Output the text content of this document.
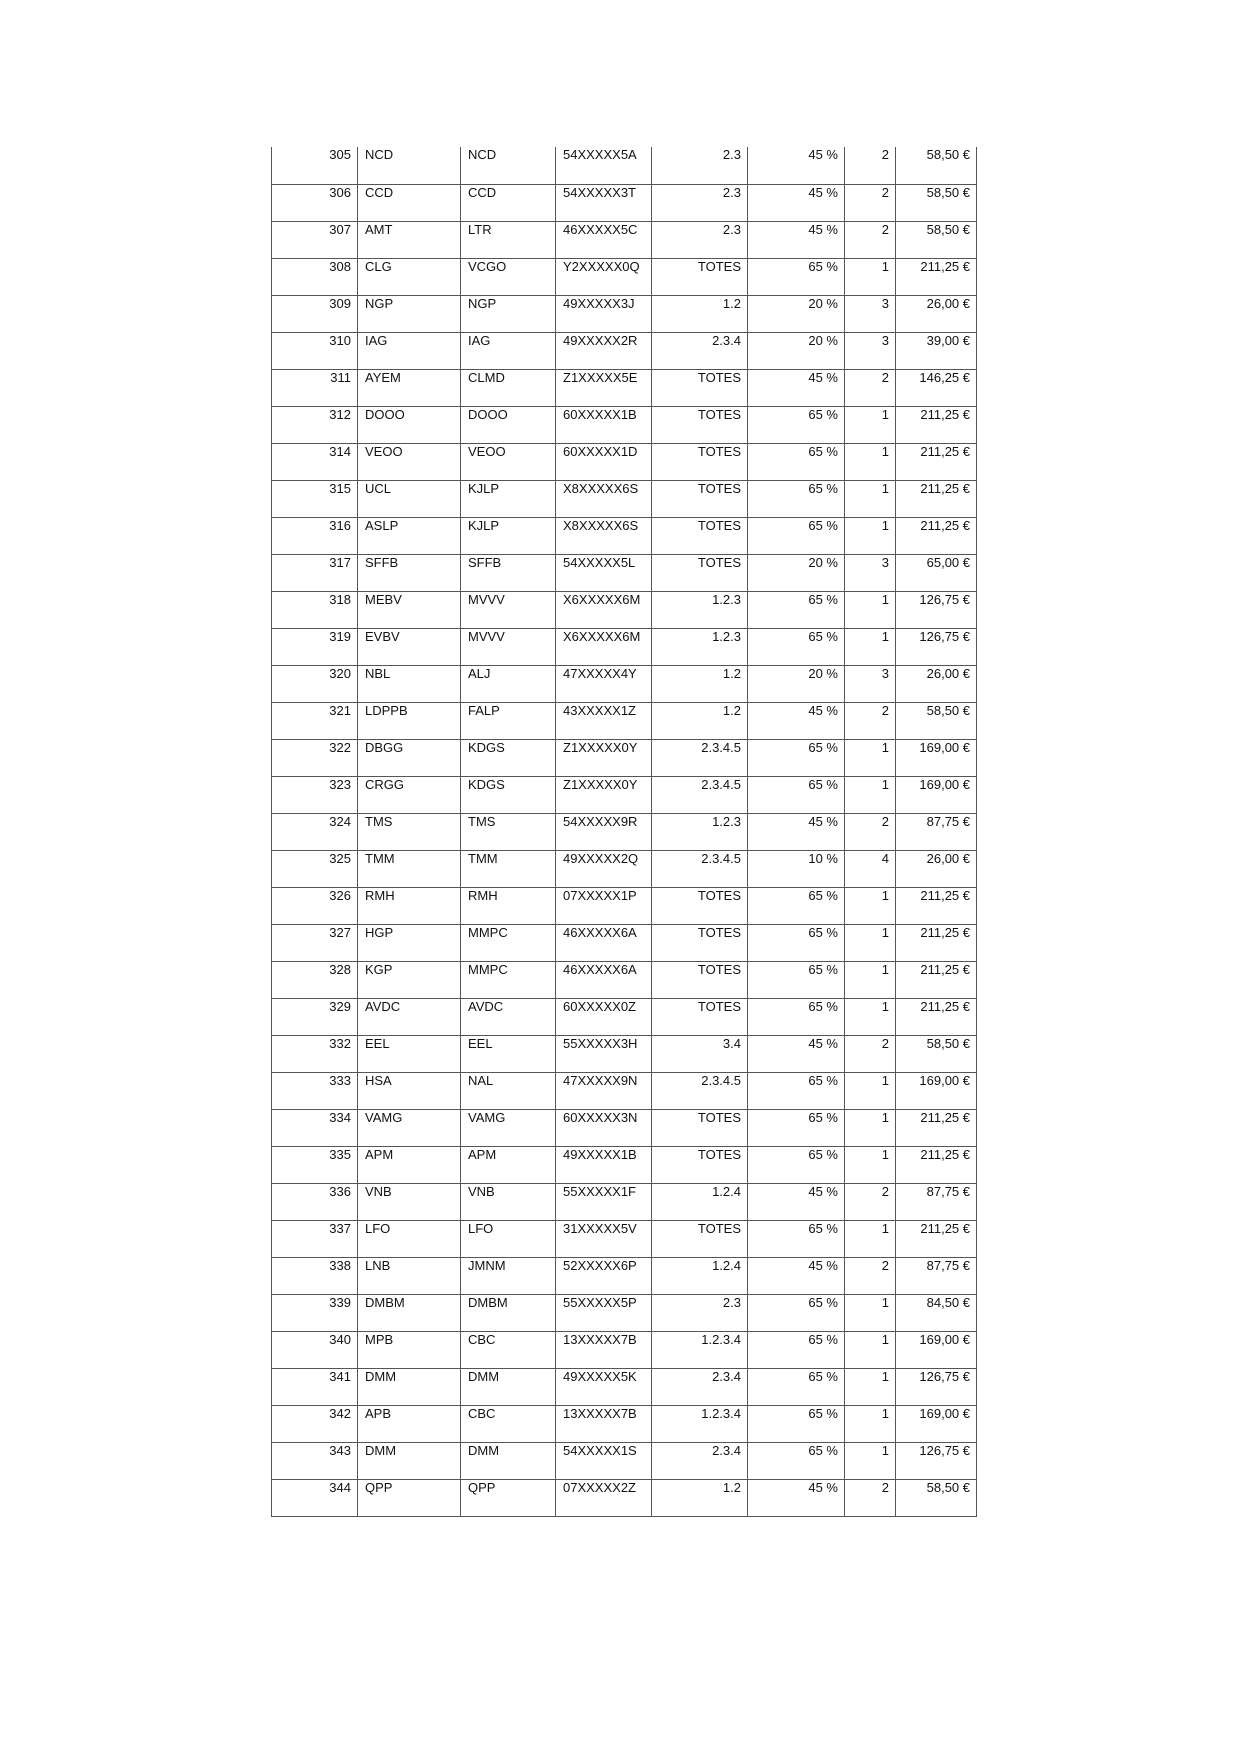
305	NCD	NCD	54XXXXX5A	2.3	45 %	2	58,50 €
306	CCD	CCD	54XXXXX3T	2.3	45 %	2	58,50 €
307	AMT	LTR	46XXXXX5C	2.3	45 %	2	58,50 €
308	CLG	VCGO	Y2XXXXX0Q	TOTES	65 %	1	211,25 €
309	NGP	NGP	49XXXXX3J	1.2	20 %	3	26,00 €
310	IAG	IAG	49XXXXX2R	2.3.4	20 %	3	39,00 €
311	AYEM	CLMD	Z1XXXXX5E	TOTES	45 %	2	146,25 €
312	DOOO	DOOO	60XXXXX1B	TOTES	65 %	1	211,25 €
314	VEOO	VEOO	60XXXXX1D	TOTES	65 %	1	211,25 €
315	UCL	KJLP	X8XXXXX6S	TOTES	65 %	1	211,25 €
316	ASLP	KJLP	X8XXXXX6S	TOTES	65 %	1	211,25 €
317	SFFB	SFFB	54XXXXX5L	TOTES	20 %	3	65,00 €
318	MEBV	MVVV	X6XXXXX6M	1.2.3	65 %	1	126,75 €
319	EVBV	MVVV	X6XXXXX6M	1.2.3	65 %	1	126,75 €
320	NBL	ALJ	47XXXXX4Y	1.2	20 %	3	26,00 €
321	LDPPB	FALP	43XXXXX1Z	1.2	45 %	2	58,50 €
322	DBGG	KDGS	Z1XXXXX0Y	2.3.4.5	65 %	1	169,00 €
323	CRGG	KDGS	Z1XXXXX0Y	2.3.4.5	65 %	1	169,00 €
324	TMS	TMS	54XXXXX9R	1.2.3	45 %	2	87,75 €
325	TMM	TMM	49XXXXX2Q	2.3.4.5	10 %	4	26,00 €
326	RMH	RMH	07XXXXX1P	TOTES	65 %	1	211,25 €
327	HGP	MMPC	46XXXXX6A	TOTES	65 %	1	211,25 €
328	KGP	MMPC	46XXXXX6A	TOTES	65 %	1	211,25 €
329	AVDC	AVDC	60XXXXX0Z	TOTES	65 %	1	211,25 €
332	EEL	EEL	55XXXXX3H	3.4	45 %	2	58,50 €
333	HSA	NAL	47XXXXX9N	2.3.4.5	65 %	1	169,00 €
334	VAMG	VAMG	60XXXXX3N	TOTES	65 %	1	211,25 €
335	APM	APM	49XXXXX1B	TOTES	65 %	1	211,25 €
336	VNB	VNB	55XXXXX1F	1.2.4	45 %	2	87,75 €
337	LFO	LFO	31XXXXX5V	TOTES	65 %	1	211,25 €
338	LNB	JMNM	52XXXXX6P	1.2.4	45 %	2	87,75 €
339	DMBM	DMBM	55XXXXX5P	2.3	65 %	1	84,50 €
340	MPB	CBC	13XXXXX7B	1.2.3.4	65 %	1	169,00 €
341	DMM	DMM	49XXXXX5K	2.3.4	65 %	1	126,75 €
342	APB	CBC	13XXXXX7B	1.2.3.4	65 %	1	169,00 €
343	DMM	DMM	54XXXXX1S	2.3.4	65 %	1	126,75 €
344	QPP	QPP	07XXXXX2Z	1.2	45 %	2	58,50 €
